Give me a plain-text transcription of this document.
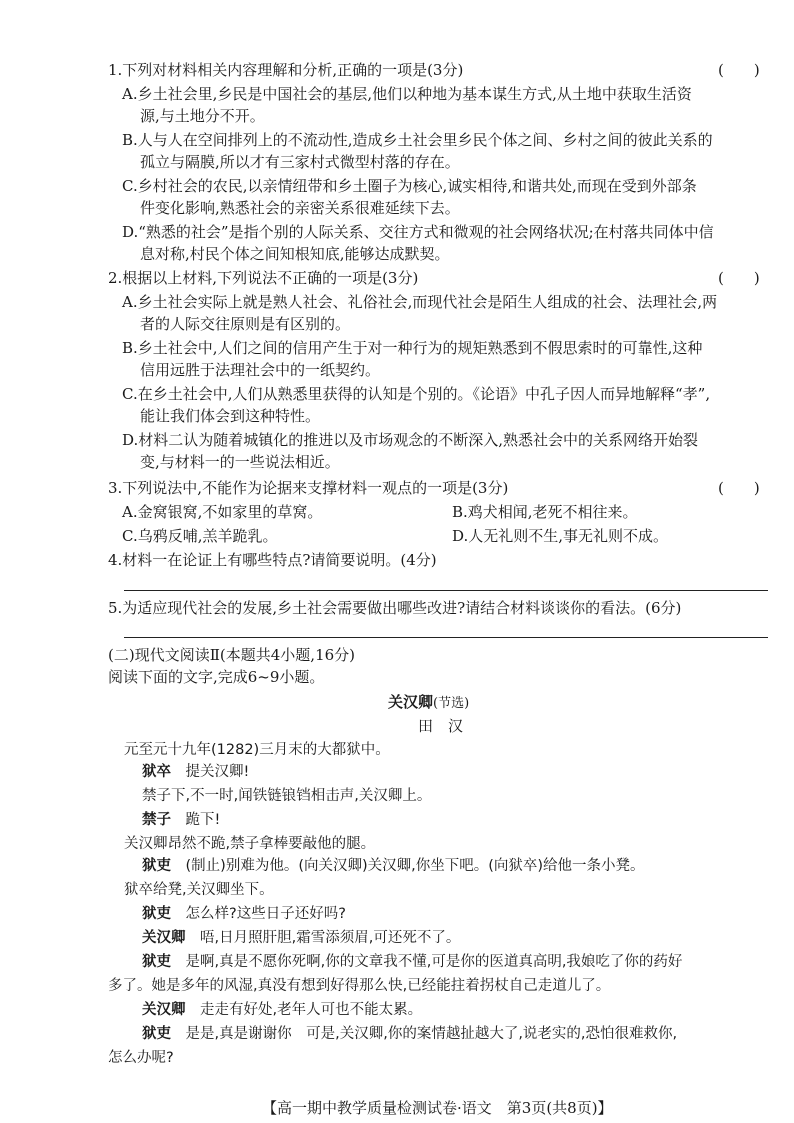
1.下列对材料相关内容理解和分析,正确的一项是(3分)	(　　)
A.乡土社会里,乡民是中国社会的基层,他们以种地为基本谋生方式,从土地中获取生活资
源,与土地分不开。
B.人与人在空间排列上的不流动性,造成乡土社会里乡民个体之间、乡村之间的彼此关系的
孤立与隔膜,所以才有三家村式微型村落的存在。
C.乡村社会的农民,以亲情纽带和乡土圈子为核心,诚实相待,和谐共处,而现在受到外部条
件变化影响,熟悉社会的亲密关系很难延续下去。
D.“熟悉的社会”是指个别的人际关系、交往方式和微观的社会网络状况;在村落共同体中信
息对称,村民个体之间知根知底,能够达成默契。
2.根据以上材料,下列说法不正确的一项是(3分)	(　　)
A.乡土社会实际上就是熟人社会、礼俗社会,而现代社会是陌生人组成的社会、法理社会,两
者的人际交往原则是有区别的。
B.乡土社会中,人们之间的信用产生于对一种行为的规矩熟悉到不假思索时的可靠性,这种
信用远胜于法理社会中的一纸契约。
C.在乡土社会中,人们从熟悉里获得的认知是个别的。《论语》中孔子因人而异地解释“孝”,
能让我们体会到这种特性。
D.材料二认为随着城镇化的推进以及市场观念的不断深入,熟悉社会中的关系网络开始裂
变,与材料一的一些说法相近。
3.下列说法中,不能作为论据来支撑材料一观点的一项是(3分)	(　　)
A.金窝银窝,不如家里的草窝。	B.鸡犬相闻,老死不相往来。
C.乌鸦反哺,羔羊跪乳。	D.人无礼则不生,事无礼则不成。
4.材料一在论证上有哪些特点?请简要说明。(4分)
5.为适应现代社会的发展,乡土社会需要做出哪些改进?请结合材料谈谈你的看法。(6分)
(二)现代文阅读Ⅱ(本题共4小题,16分)
阅读下面的文字,完成6~9小题。
关汉卿(节选)
田　汉
元至元十九年(1282)三月末的大都狱中。
狱卒　 提关汉卿!
禁子下,不一时,闻铁链锒铛相击声,关汉卿上。
禁子　 跪下!
关汉卿昂然不跪,禁子拿棒要敲他的腿。
狱吏　 (制止)别难为他。(向关汉卿)关汉卿,你坐下吧。(向狱卒)给他一条小凳。
狱卒给凳,关汉卿坐下。
狱吏　 怎么样?这些日子还好吗?
关汉卿　 唔,日月照肝胆,霜雪添须眉,可还死不了。
狱吏　 是啊,真是不愿你死啊,你的文章我不懂,可是你的医道真高明,我娘吃了你的药好
多了。她是多年的风湿,真没有想到好得那么快,已经能拄着拐杖自己走道儿了。
关汉卿　 走走有好处,老年人可也不能太累。
狱吏　 是是,真是谢谢你　可是,关汉卿,你的案情越扯越大了,说老实的,恐怕很难救你,
怎么办呢?
【高一期中教学质量检测试卷·语文　第3页(共8页)】
